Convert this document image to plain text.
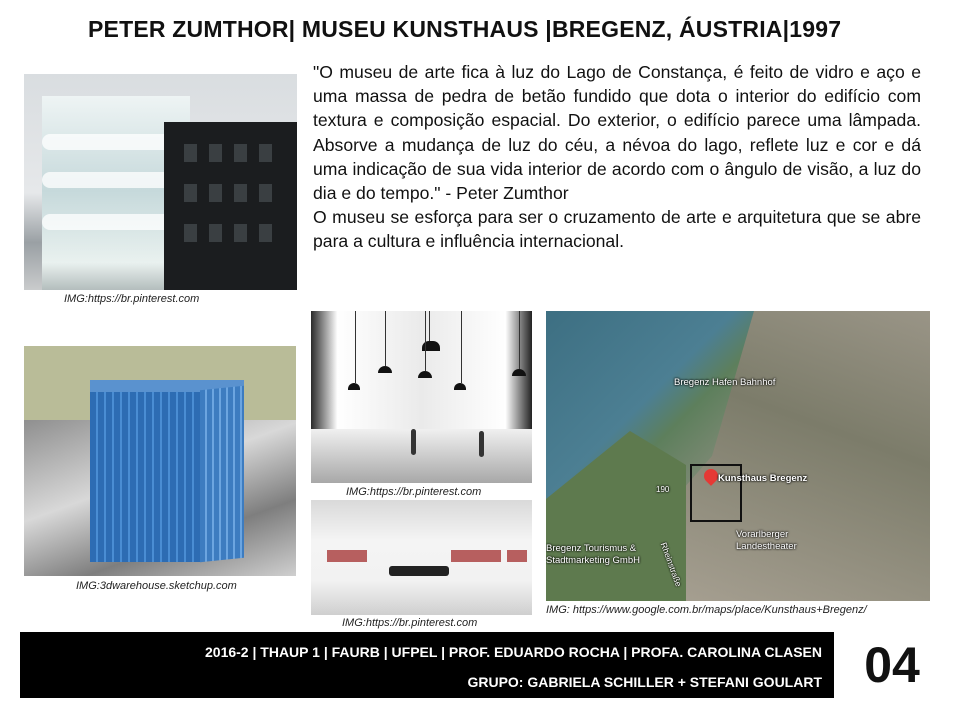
PETER ZUMTHOR| MUSEU KUNSTHAUS |BREGENZ, ÁUSTRIA|1997

"O museu de arte fica à luz do Lago de Constança, é feito de vidro e aço e uma massa de pedra de betão fundido que dota o interior do edifício com textura e composição espacial. Do exterior, o edifício parece uma lâmpada. Absorve a mudança de luz do céu, a névoa do lago, reflete luz e cor e dá uma indicação de sua vida interior de acordo com o ângulo de visão, a luz do dia e do tempo." - Peter Zumthor

O museu se esforça para ser o cruzamento de arte e arquitetura que se abre para a cultura e influência internacional.

IMG:https://br.pinterest.com
IMG:3dwarehouse.sketchup.com
IMG:https://br.pinterest.com
IMG:https://br.pinterest.com
Bregenz Hafen Bahnhof
190
Kunsthaus Bregenz
Bregenz Tourismus &
Stadtmarketing GmbH
Vorarlberger
Landestheater
Rheinstraße
IMG: https://www.google.com.br/maps/place/Kunsthaus+Bregenz/
2016-2 | THAUP 1 | FAURB | UFPEL | PROF. EDUARDO ROCHA | PROFA. CAROLINA CLASEN
GRUPO: GABRIELA SCHILLER + STEFANI GOULART 04
